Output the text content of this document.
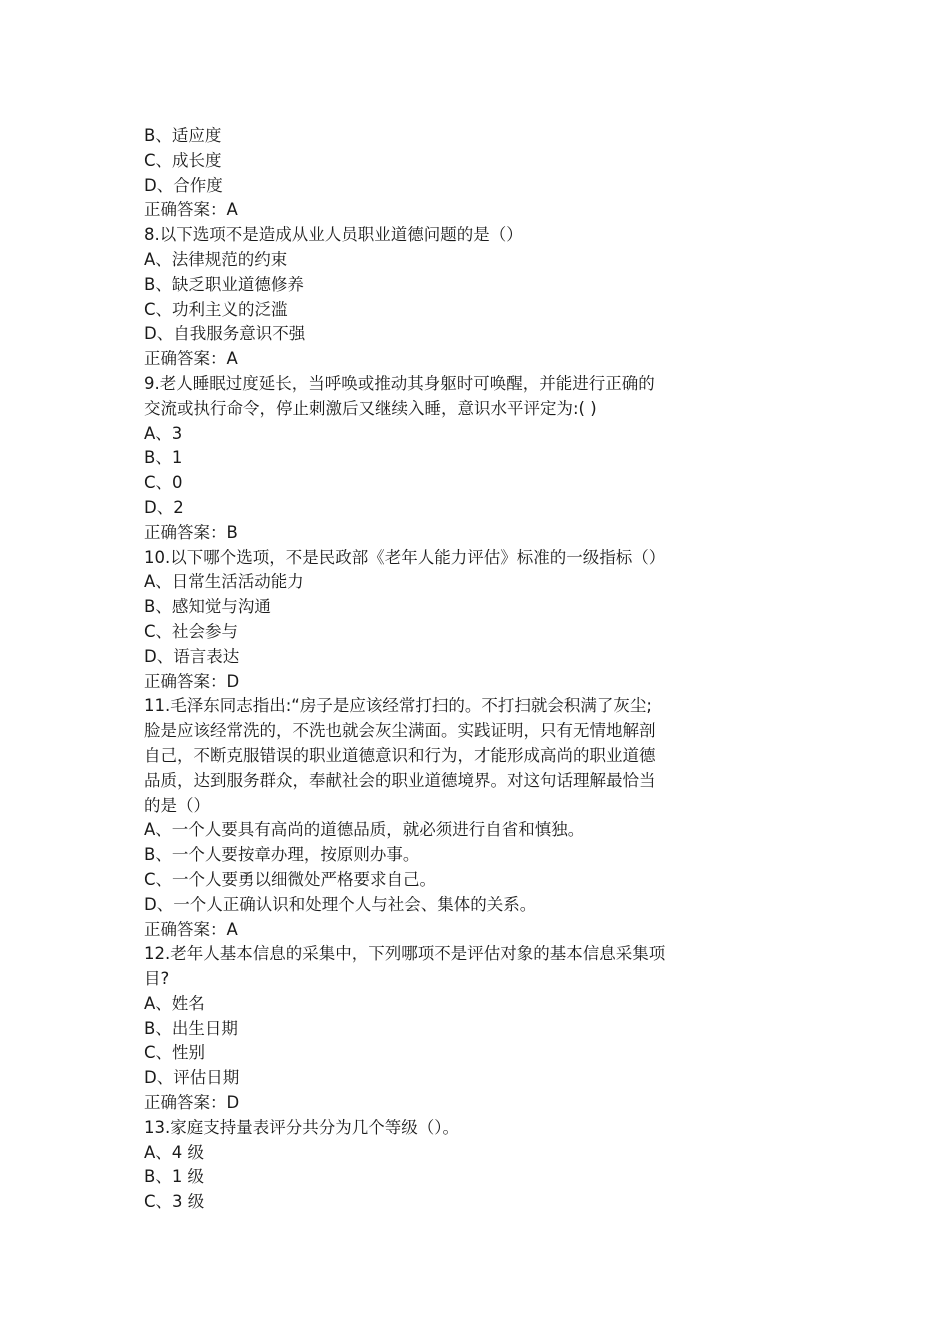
B、适应度
C、成长度
D、合作度
正确答案：A
8.以下选项不是造成从业人员职业道德问题的是（）
A、法律规范的约束
B、缺乏职业道德修养
C、功利主义的泛滥
D、自我服务意识不强
正确答案：A
9.老人睡眠过度延长，当呼唤或推动其身躯时可唤醒，并能进行正确的
交流或执行命令，停止刺激后又继续入睡，意识水平评定为:( )
A、3
B、1
C、0
D、2
正确答案：B
10.以下哪个选项，不是民政部《老年人能力评估》标准的一级指标（）
A、日常生活活动能力
B、感知觉与沟通
C、社会参与
D、语言表达
正确答案：D
11.毛泽东同志指出:“房子是应该经常打扫的。不打扫就会积满了灰尘;
脸是应该经常洗的，不洗也就会灰尘满面。实践证明，只有无情地解剖
自己，不断克服错误的职业道德意识和行为，才能形成高尚的职业道德
品质，达到服务群众，奉献社会的职业道德境界。对这句话理解最恰当
的是（）
A、一个人要具有高尚的道德品质，就必须进行自省和慎独。
B、一个人要按章办理，按原则办事。
C、一个人要勇以细微处严格要求自己。
D、一个人正确认识和处理个人与社会、集体的关系。
正确答案：A
12.老年人基本信息的采集中，下列哪项不是评估对象的基本信息采集项
目?
A、姓名
B、出生日期
C、性别
D、评估日期
正确答案：D
13.家庭支持量表评分共分为几个等级（）。
A、4 级
B、1 级
C、3 级
